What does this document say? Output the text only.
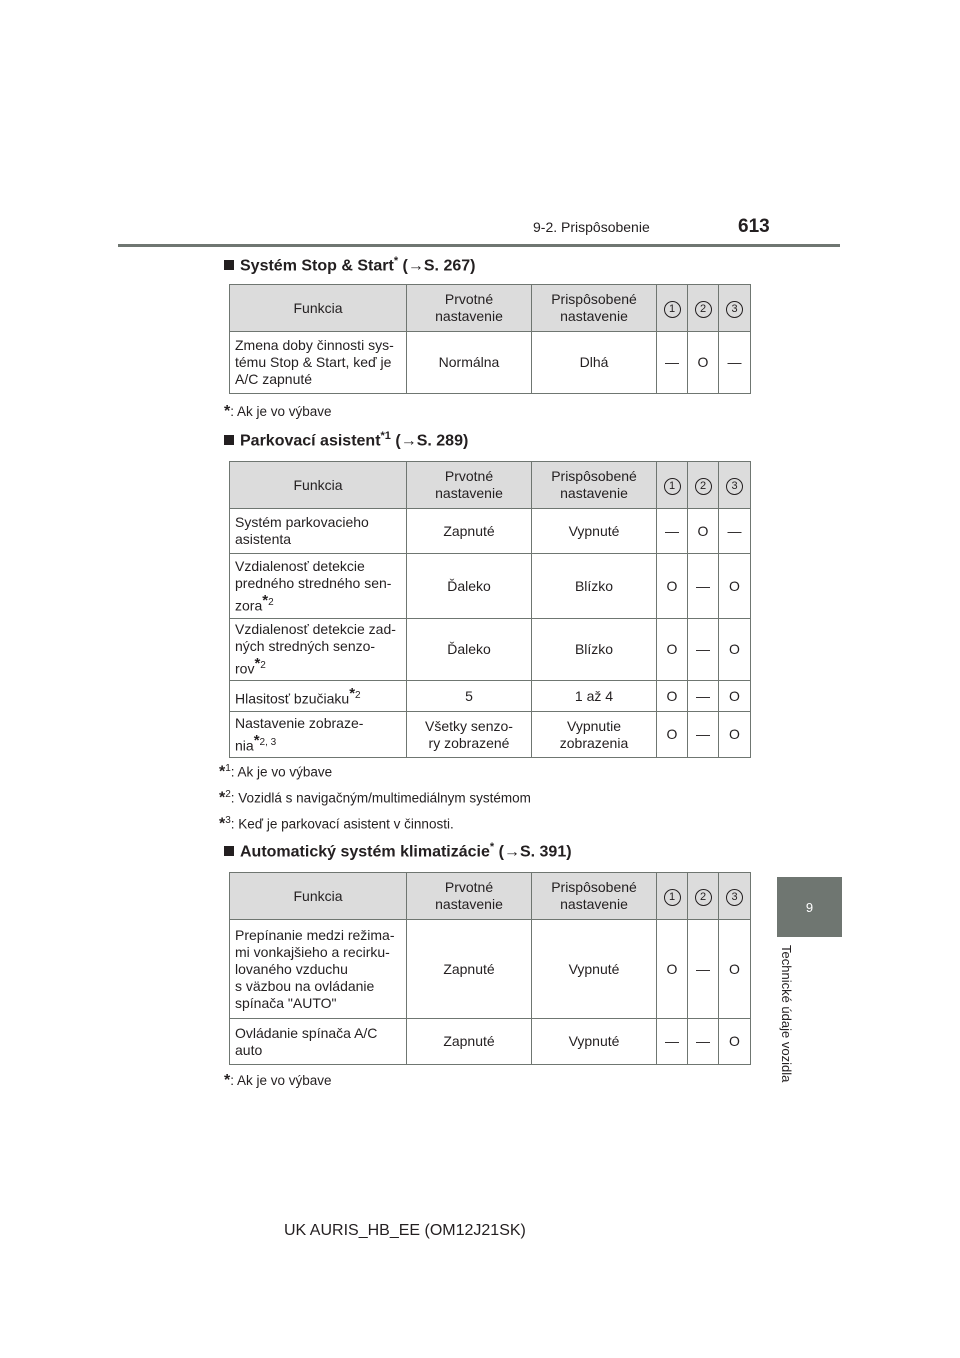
9-2. Prispôsobenie	613
9
Technické údaje vozidla
Systém Stop & Start* (→S. 267)
Funkcia	Prvotné nastavenie	Prispôsobené nastavenie	1	2	3
Zmena doby činnosti sys-
tému Stop & Start, keď je
A/C zapnuté	Normálna	Dlhá	—	O	—
*: Ak je vo výbave
Parkovací asistent$^{*1}$ (→S. 289)
Funkcia	Prvotné nastavenie	Prispôsobené nastavenie	1	2	3
Systém parkovacieho
asistenta	Zapnuté	Vypnuté	—	O	—
Vzdialenosť detekcie
predného stredného sen-
zora$^{*2}$	Ďaleko	Blízko	O	—	O
Vzdialenosť detekcie zad-
ných stredných senzo-
rov$^{*2}$	Ďaleko	Blízko	O	—	O
Hlasitosť bzučiaku$^{*2}$	5	1 až 4	O	—	O
Nastavenie zobraze-
nia$^{*2, 3}$	Všetky senzo-
ry zobrazené	Vypnutie
zobrazenia	O	—	O
*$^1$: Ak je vo výbave
*$^2$: Vozidlá s navigačným/multimediálnym systémom
*$^3$: Keď je parkovací asistent v činnosti.
Automatický systém klimatizácie* (→S. 391)
Funkcia	Prvotné nastavenie	Prispôsobené nastavenie	1	2	3
Prepínanie medzi režima-
mi vonkajšieho a recirku-
lovaného vzduchu
s väzbou na ovládanie
spínača "AUTO"	Zapnuté	Vypnuté	O	—	O
Ovládanie spínača A/C
auto	Zapnuté	Vypnuté	—	—	O
*: Ak je vo výbave
UK AURIS_HB_EE (OM12J21SK)
